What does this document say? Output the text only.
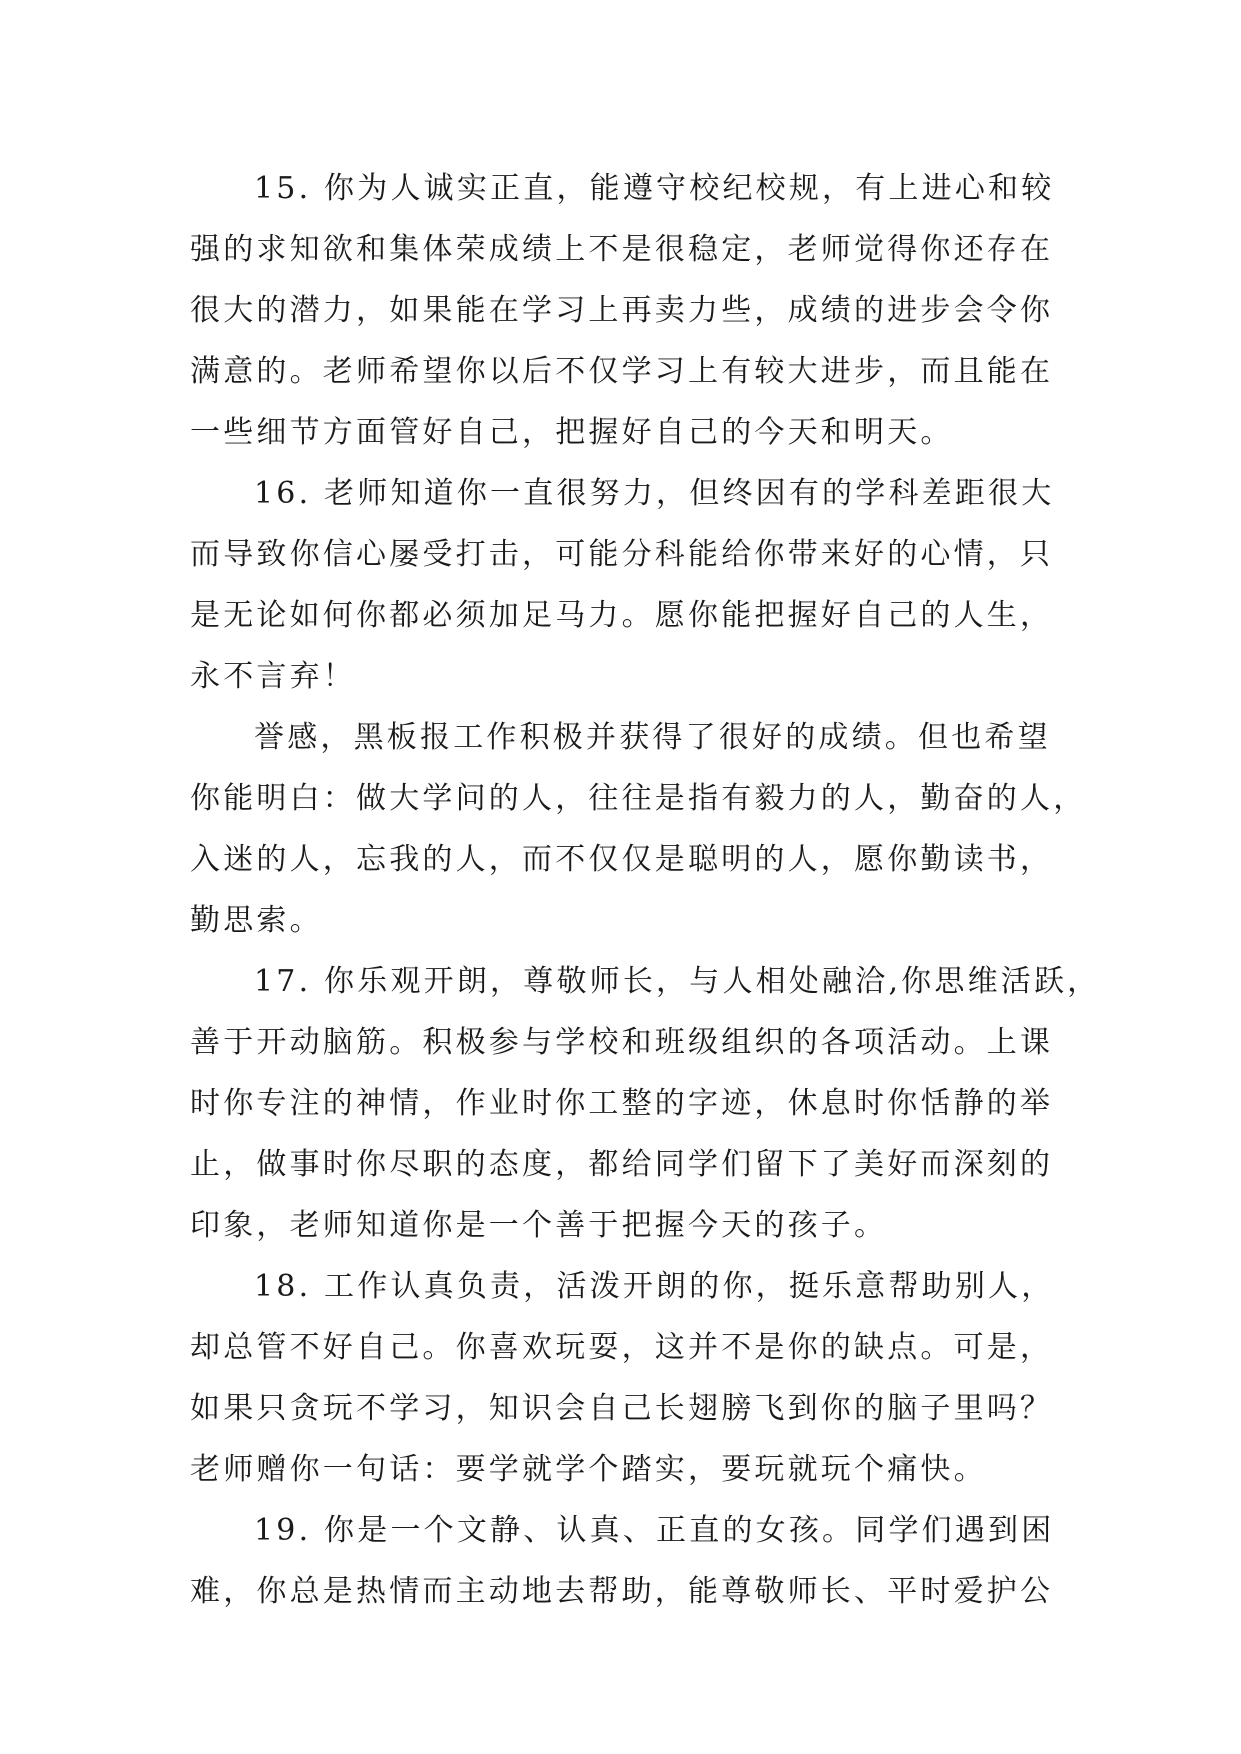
15. 你为人诚实正直，能遵守校纪校规，有上进心和较
强的求知欲和集体荣成绩上不是很稳定，老师觉得你还存在
很大的潜力，如果能在学习上再卖力些，成绩的进步会令你
满意的。老师希望你以后不仅学习上有较大进步，而且能在
一些细节方面管好自己，把握好自己的今天和明天。
16. 老师知道你一直很努力，但终因有的学科差距很大
而导致你信心屡受打击，可能分科能给你带来好的心情，只
是无论如何你都必须加足马力。愿你能把握好自己的人生，
永不言弃！
誉感，黑板报工作积极并获得了很好的成绩。但也希望
你能明白：做大学问的人，往往是指有毅力的人，勤奋的人，
入迷的人，忘我的人，而不仅仅是聪明的人，愿你勤读书，
勤思索。
17. 你乐观开朗，尊敬师长，与人相处融洽,你思维活跃，
善于开动脑筋。积极参与学校和班级组织的各项活动。上课
时你专注的神情，作业时你工整的字迹，休息时你恬静的举
止，做事时你尽职的态度，都给同学们留下了美好而深刻的
印象，老师知道你是一个善于把握今天的孩子。
18. 工作认真负责，活泼开朗的你，挺乐意帮助别人，
却总管不好自己。你喜欢玩耍，这并不是你的缺点。可是，
如果只贪玩不学习，知识会自己长翅膀飞到你的脑子里吗？
老师赠你一句话：要学就学个踏实，要玩就玩个痛快。
19. 你是一个文静、认真、正直的女孩。同学们遇到困
难，你总是热情而主动地去帮助，能尊敬师长、平时爱护公
